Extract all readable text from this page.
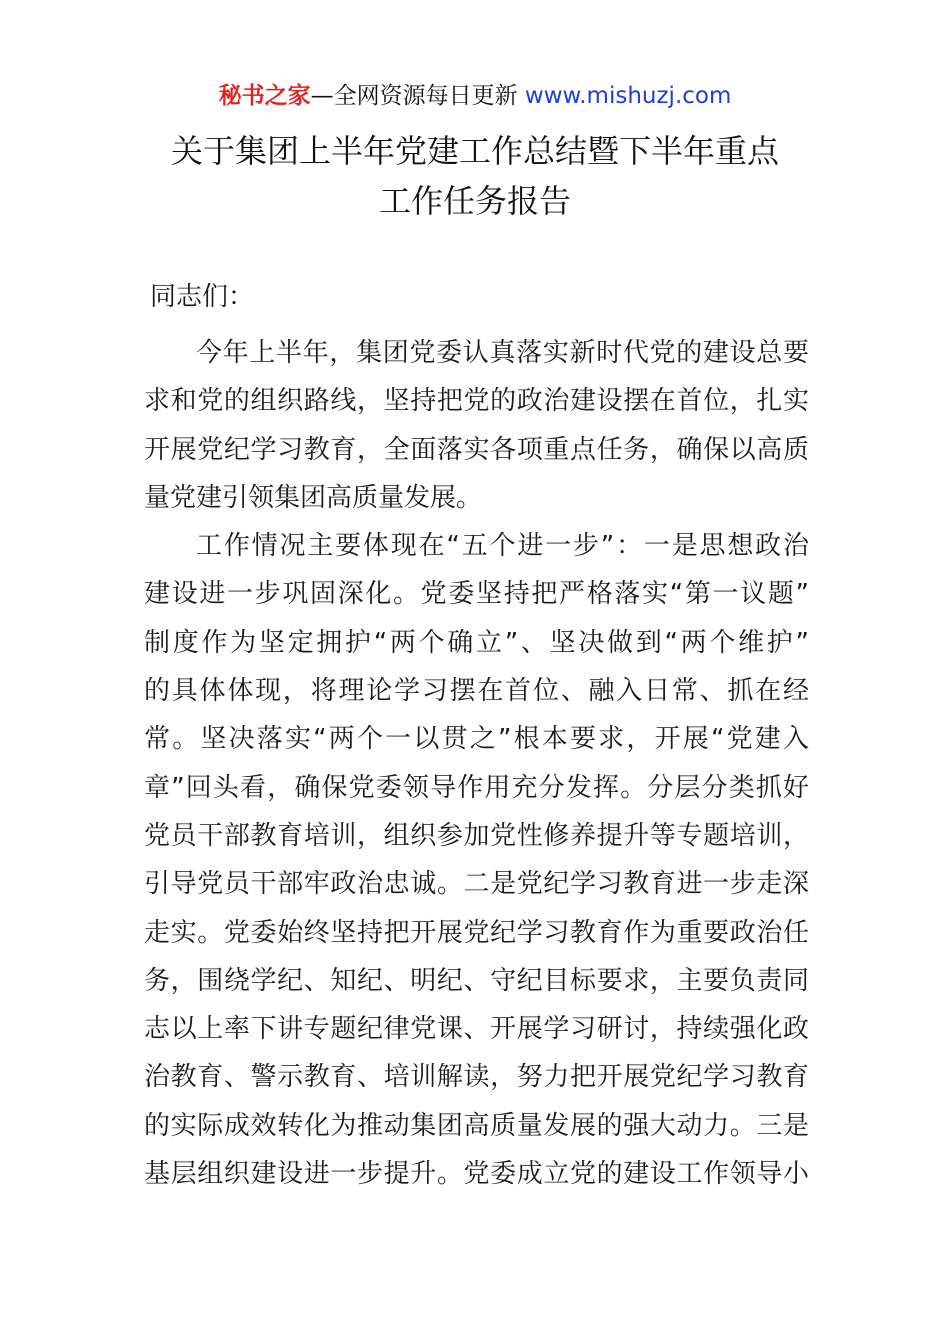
秘书之家—全网资源每日更新 www.mishuzj.com
关于集团上半年党建工作总结暨下半年重点
工作任务报告
同志们：
今年上半年，集团党委认真落实新时代党的建设总要
求和党的组织路线，坚持把党的政治建设摆在首位，扎实
开展党纪学习教育，全面落实各项重点任务，确保以高质
量党建引领集团高质量发展。
工作情况主要体现在“五个进一步”：一是思想政治
建设进一步巩固深化。党委坚持把严格落实“第一议题”
制度作为坚定拥护“两个确立”、坚决做到“两个维护”
的具体体现，将理论学习摆在首位、融入日常、抓在经
常。坚决落实“两个一以贯之”根本要求，开展“党建入
章”回头看，确保党委领导作用充分发挥。分层分类抓好
党员干部教育培训，组织参加党性修养提升等专题培训，
引导党员干部牢政治忠诚。二是党纪学习教育进一步走深
走实。党委始终坚持把开展党纪学习教育作为重要政治任
务，围绕学纪、知纪、明纪、守纪目标要求，主要负责同
志以上率下讲专题纪律党课、开展学习研讨，持续强化政
治教育、警示教育、培训解读，努力把开展党纪学习教育
的实际成效转化为推动集团高质量发展的强大动力。三是
基层组织建设进一步提升。党委成立党的建设工作领导小
